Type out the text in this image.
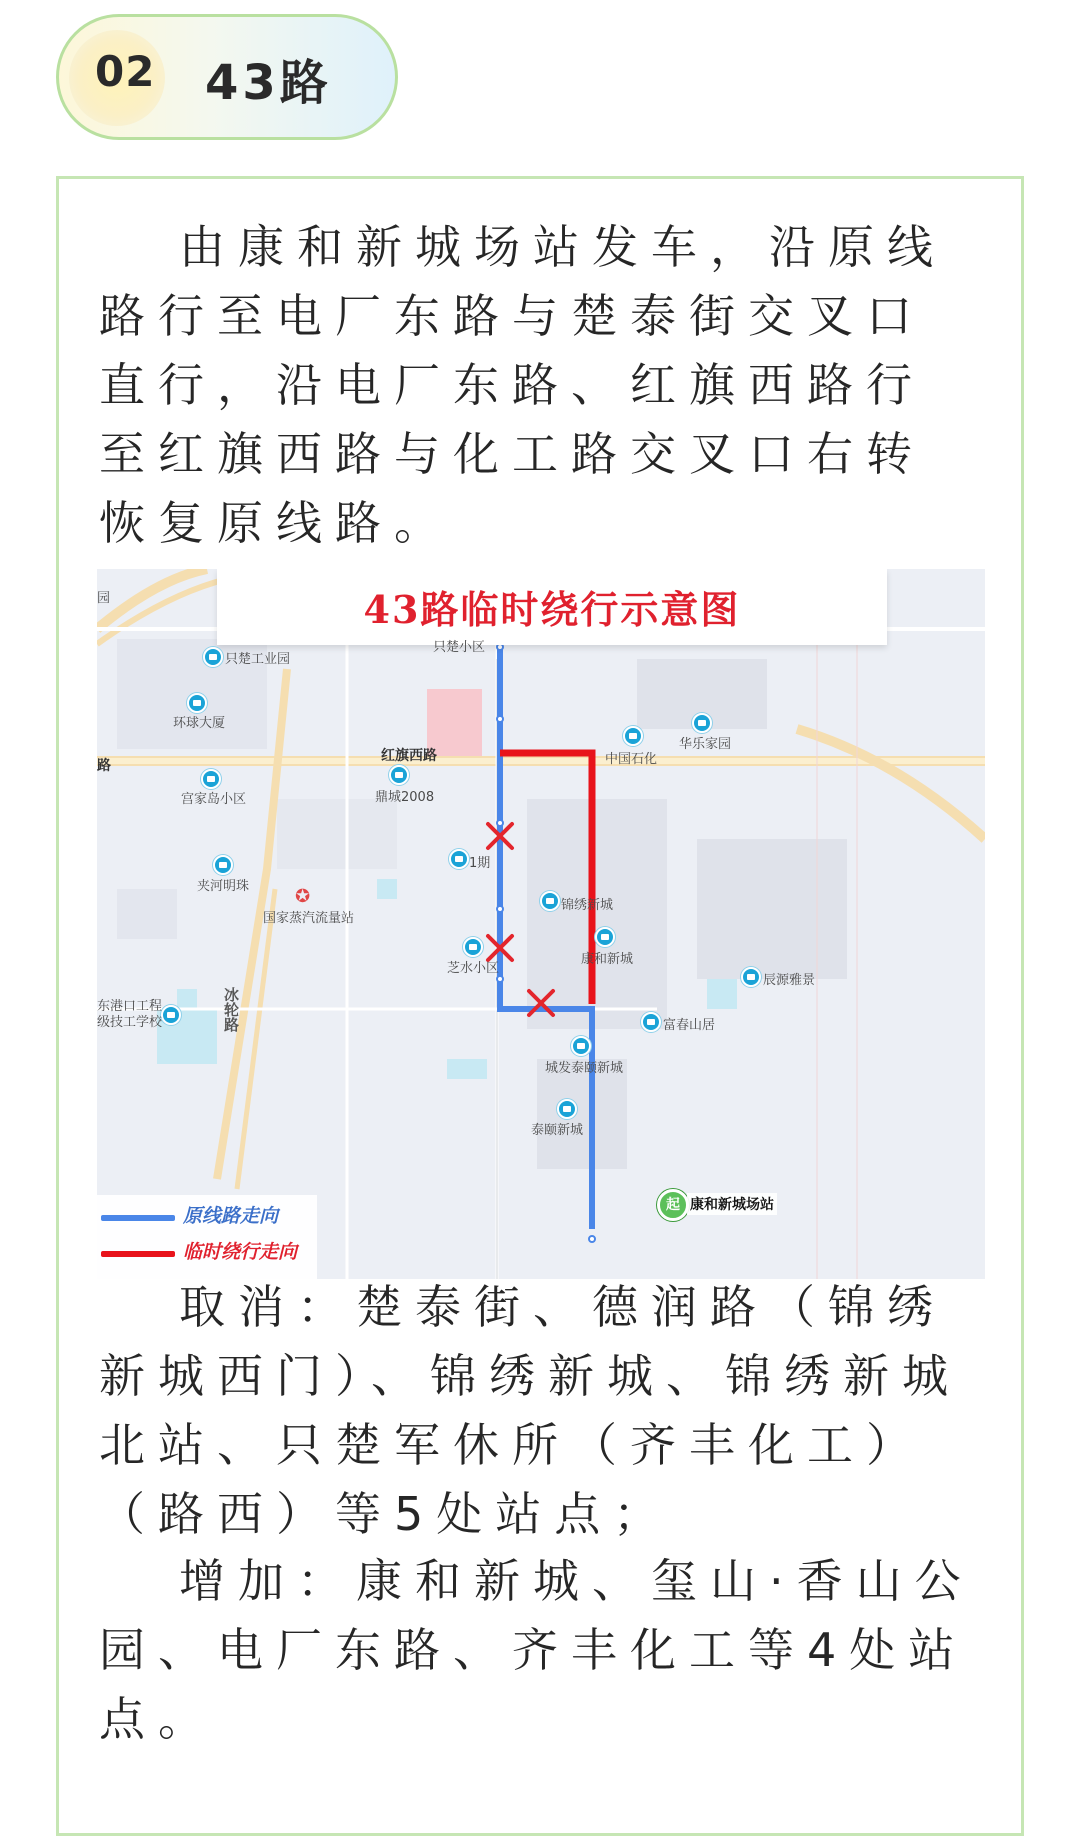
02 43路

由康和新城场站发车，沿原线路行至电厂东路与楚泰街交叉口直行，沿电厂东路、红旗西路行至红旗西路与化工路交叉口右转恢复原线路。

43路临时绕行示意图
园
路
只楚工业园
环球大厦
红旗西路
只楚小区
宫家岛小区	鼎城2008
夹河明珠	✪
国家蒸汽流量站
中国石化
华乐家园
1期
锦绣新城
康和新城
芝水小区
辰源雅景
富春山居
城发泰颐新城
泰颐新城
东港口工程
级技工学校	冰轮路
起 康和新城场站
原线路走向
临时绕行走向

取消：楚泰街、德润路（锦绣新城西门）、锦绣新城、锦绣新城北站、只楚军休所（齐丰化工）（路西）等5处站点；

增加：康和新城、玺山·香山公园、电厂东路、齐丰化工等4处站点。
